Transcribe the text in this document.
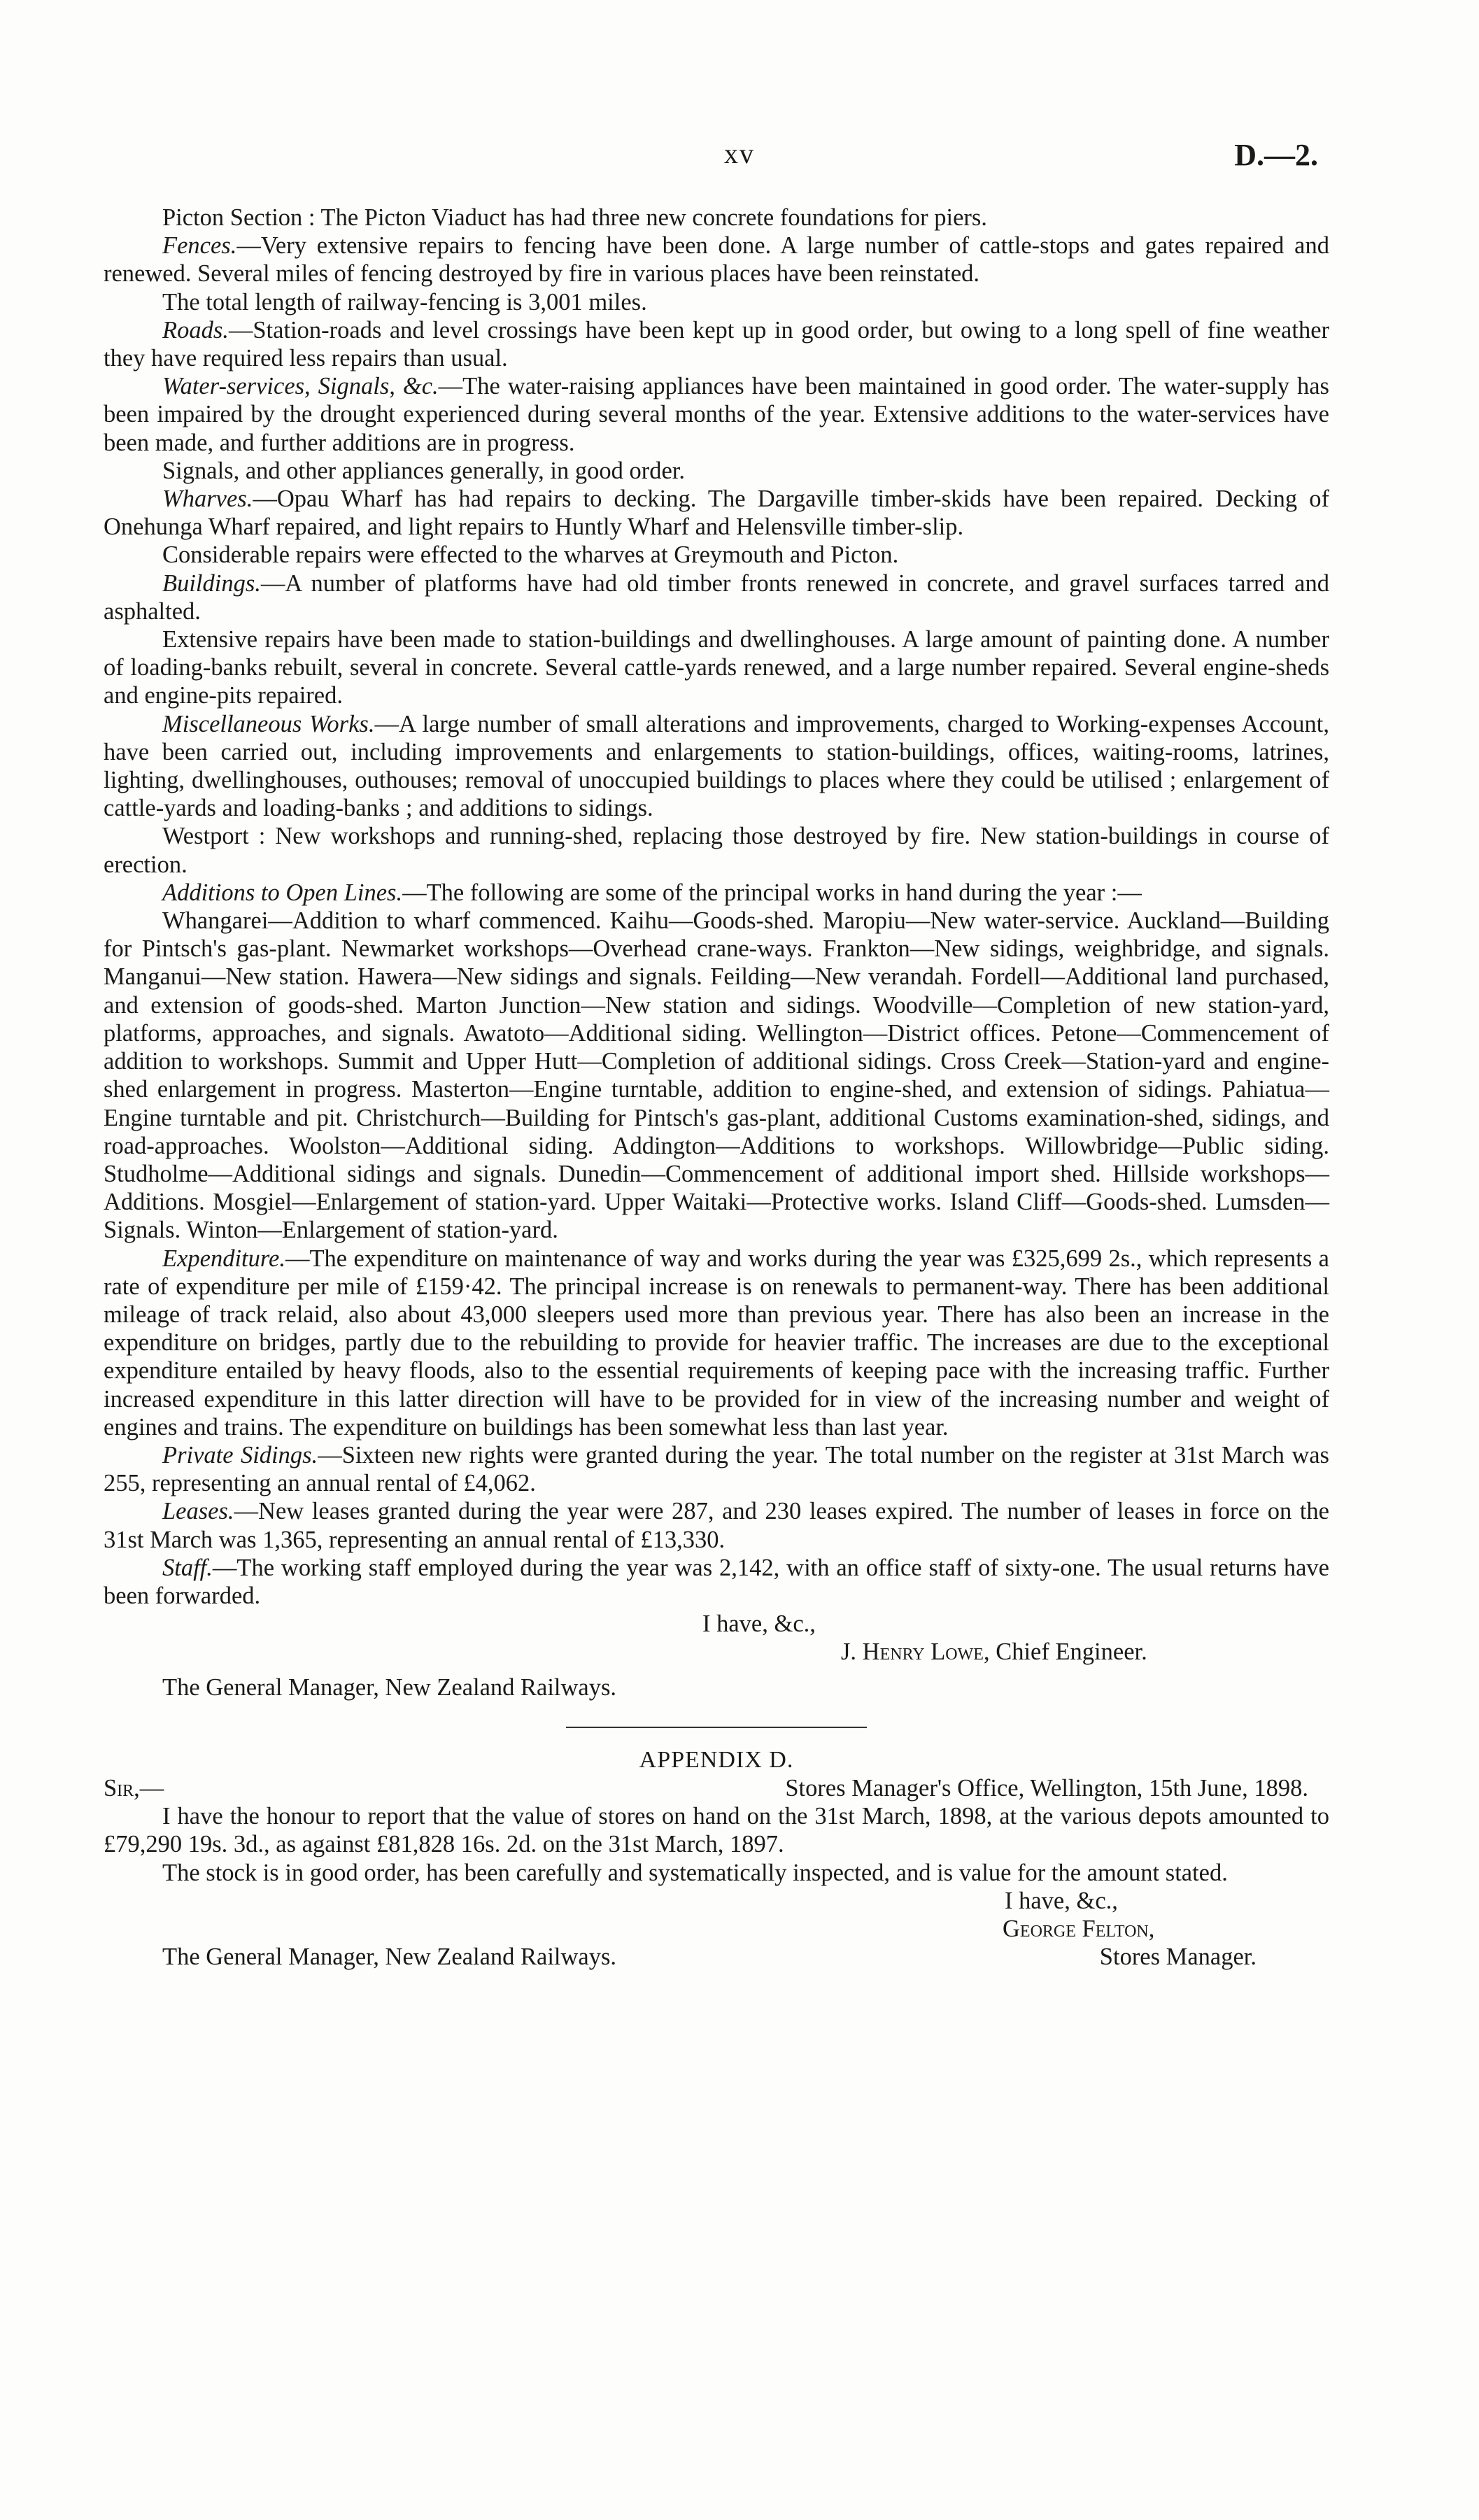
xv	D.—2.

Picton Section : The Picton Viaduct has had three new concrete foundations for piers.

Fences.—Very extensive repairs to fencing have been done. A large number of cattle-stops and gates repaired and renewed. Several miles of fencing destroyed by fire in various places have been reinstated.

The total length of railway-fencing is 3,001 miles.

Roads.—Station-roads and level crossings have been kept up in good order, but owing to a long spell of fine weather they have required less repairs than usual.

Water-services, Signals, &c.—The water-raising appliances have been maintained in good order. The water-supply has been impaired by the drought experienced during several months of the year. Extensive additions to the water-services have been made, and further additions are in progress.

Signals, and other appliances generally, in good order.

Wharves.—Opau Wharf has had repairs to decking. The Dargaville timber-skids have been repaired. Decking of Onehunga Wharf repaired, and light repairs to Huntly Wharf and Helensville timber-slip.

Considerable repairs were effected to the wharves at Greymouth and Picton.

Buildings.—A number of platforms have had old timber fronts renewed in concrete, and gravel surfaces tarred and asphalted.

Extensive repairs have been made to station-buildings and dwellinghouses. A large amount of painting done. A number of loading-banks rebuilt, several in concrete. Several cattle-yards renewed, and a large number repaired. Several engine-sheds and engine-pits repaired.

Miscellaneous Works.—A large number of small alterations and improvements, charged to Working-expenses Account, have been carried out, including improvements and enlargements to station-buildings, offices, waiting-rooms, latrines, lighting, dwellinghouses, outhouses; removal of unoccupied buildings to places where they could be utilised ; enlargement of cattle-yards and loading-banks ; and additions to sidings.

Westport : New workshops and running-shed, replacing those destroyed by fire. New station-buildings in course of erection.

Additions to Open Lines.—The following are some of the principal works in hand during the year :—

Whangarei—Addition to wharf commenced. Kaihu—Goods-shed. Maropiu—New water-service. Auckland—Building for Pintsch's gas-plant. Newmarket workshops—Overhead crane-ways. Frankton—New sidings, weighbridge, and signals. Manganui—New station. Hawera—New sidings and signals. Feilding—New verandah. Fordell—Additional land purchased, and extension of goods-shed. Marton Junction—New station and sidings. Woodville—Completion of new station-yard, platforms, approaches, and signals. Awatoto—Additional siding. Wellington—District offices. Petone—Commencement of addition to workshops. Summit and Upper Hutt—Completion of additional sidings. Cross Creek—Station-yard and engine-shed enlargement in progress. Masterton—Engine turntable, addition to engine-shed, and extension of sidings. Pahiatua—Engine turntable and pit. Christchurch—Building for Pintsch's gas-plant, additional Customs examination-shed, sidings, and road-approaches. Woolston—Additional siding. Addington—Additions to workshops. Willowbridge—Public siding. Studholme—Additional sidings and signals. Dunedin—Commencement of additional import shed. Hillside workshops—Additions. Mosgiel—Enlargement of station-yard. Upper Waitaki—Protective works. Island Cliff—Goods-shed. Lumsden—Signals. Winton—Enlargement of station-yard.

Expenditure.—The expenditure on maintenance of way and works during the year was £325,699 2s., which represents a rate of expenditure per mile of £159·42. The principal increase is on renewals to permanent-way. There has been additional mileage of track relaid, also about 43,000 sleepers used more than previous year. There has also been an increase in the expenditure on bridges, partly due to the rebuilding to provide for heavier traffic. The increases are due to the exceptional expenditure entailed by heavy floods, also to the essential requirements of keeping pace with the increasing traffic. Further increased expenditure in this latter direction will have to be provided for in view of the increasing number and weight of engines and trains. The expenditure on buildings has been somewhat less than last year.

Private Sidings.—Sixteen new rights were granted during the year. The total number on the register at 31st March was 255, representing an annual rental of £4,062.

Leases.—New leases granted during the year were 287, and 230 leases expired. The number of leases in force on the 31st March was 1,365, representing an annual rental of £13,330.

Staff.—The working staff employed during the year was 2,142, with an office staff of sixty-one. The usual returns have been forwarded.

I have, &c.,
J. Henry Lowe, Chief Engineer.
The General Manager, New Zealand Railways.
APPENDIX D.
Sir,—	Stores Manager's Office, Wellington, 15th June, 1898.

I have the honour to report that the value of stores on hand on the 31st March, 1898, at the various depots amounted to £79,290 19s. 3d., as against £81,828 16s. 2d. on the 31st March, 1897.

The stock is in good order, has been carefully and systematically inspected, and is value for the amount stated.

I have, &c.,
George Felton,
The General Manager, New Zealand Railways.	Stores Manager.
